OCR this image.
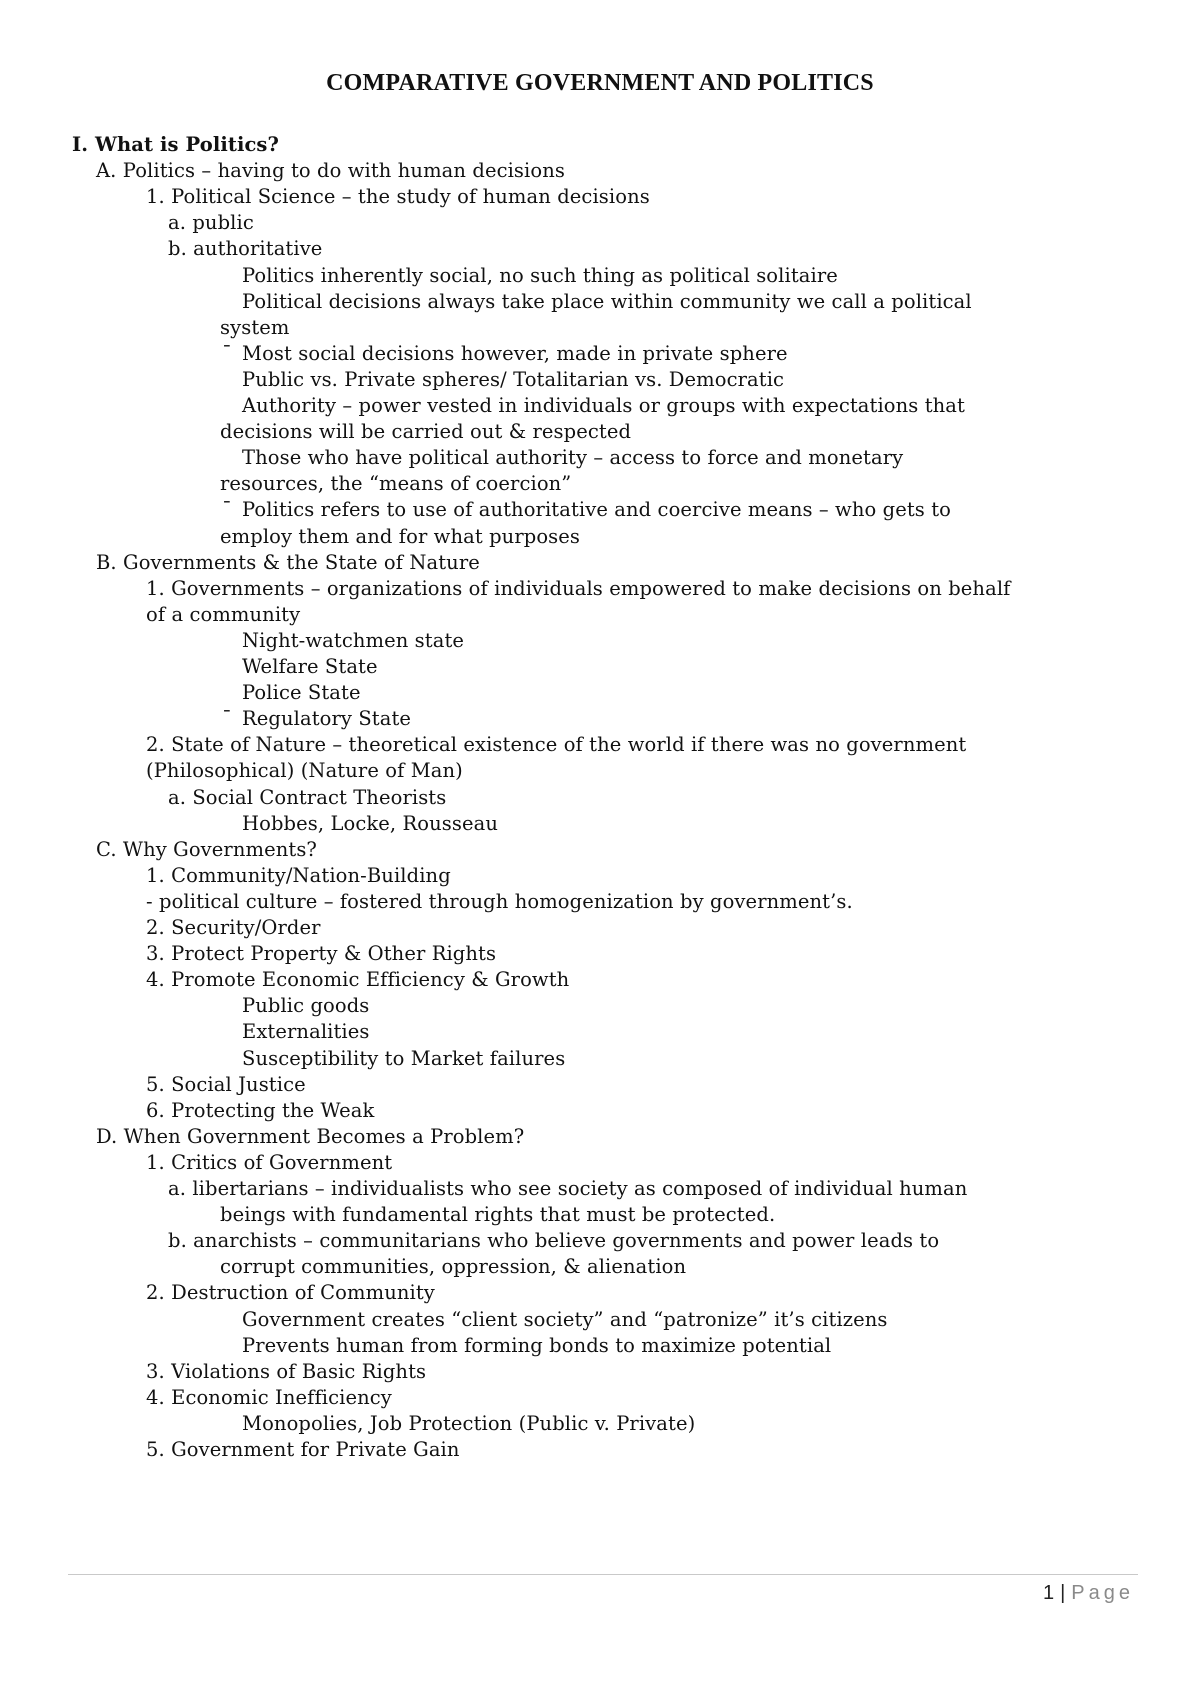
COMPARATIVE GOVERNMENT AND POLITICS
I. What is Politics?
A. Politics – having to do with human decisions
1. Political Science – the study of human decisions
a. public
b. authoritative
Politics inherently social, no such thing as political solitaire
Political decisions always take place within community we call a political
system
¯ Most social decisions however, made in private sphere
Public vs. Private spheres/ Totalitarian vs. Democratic
Authority – power vested in individuals or groups with expectations that
decisions will be carried out & respected
Those who have political authority – access to force and monetary
resources, the “means of coercion”
¯ Politics refers to use of authoritative and coercive means – who gets to
employ them and for what purposes
B. Governments & the State of Nature
1. Governments – organizations of individuals empowered to make decisions on behalf
of a community
Night-watchmen state
Welfare State
Police State
¯ Regulatory State
2. State of Nature – theoretical existence of the world if there was no government
(Philosophical) (Nature of Man)
a. Social Contract Theorists
Hobbes, Locke, Rousseau
C. Why Governments?
1. Community/Nation-Building
- political culture – fostered through homogenization by government’s.
2. Security/Order
3. Protect Property & Other Rights
4. Promote Economic Efficiency & Growth
Public goods
Externalities
Susceptibility to Market failures
5. Social Justice
6. Protecting the Weak
D. When Government Becomes a Problem?
1. Critics of Government
a. libertarians – individualists who see society as composed of individual human
beings with fundamental rights that must be protected.
b. anarchists – communitarians who believe governments and power leads to
corrupt communities, oppression, & alienation
2. Destruction of Community
Government creates “client society” and “patronize” it’s citizens
Prevents human from forming bonds to maximize potential
3. Violations of Basic Rights
4. Economic Inefficiency
Monopolies, Job Protection (Public v. Private)
5. Government for Private Gain
1 | Page
